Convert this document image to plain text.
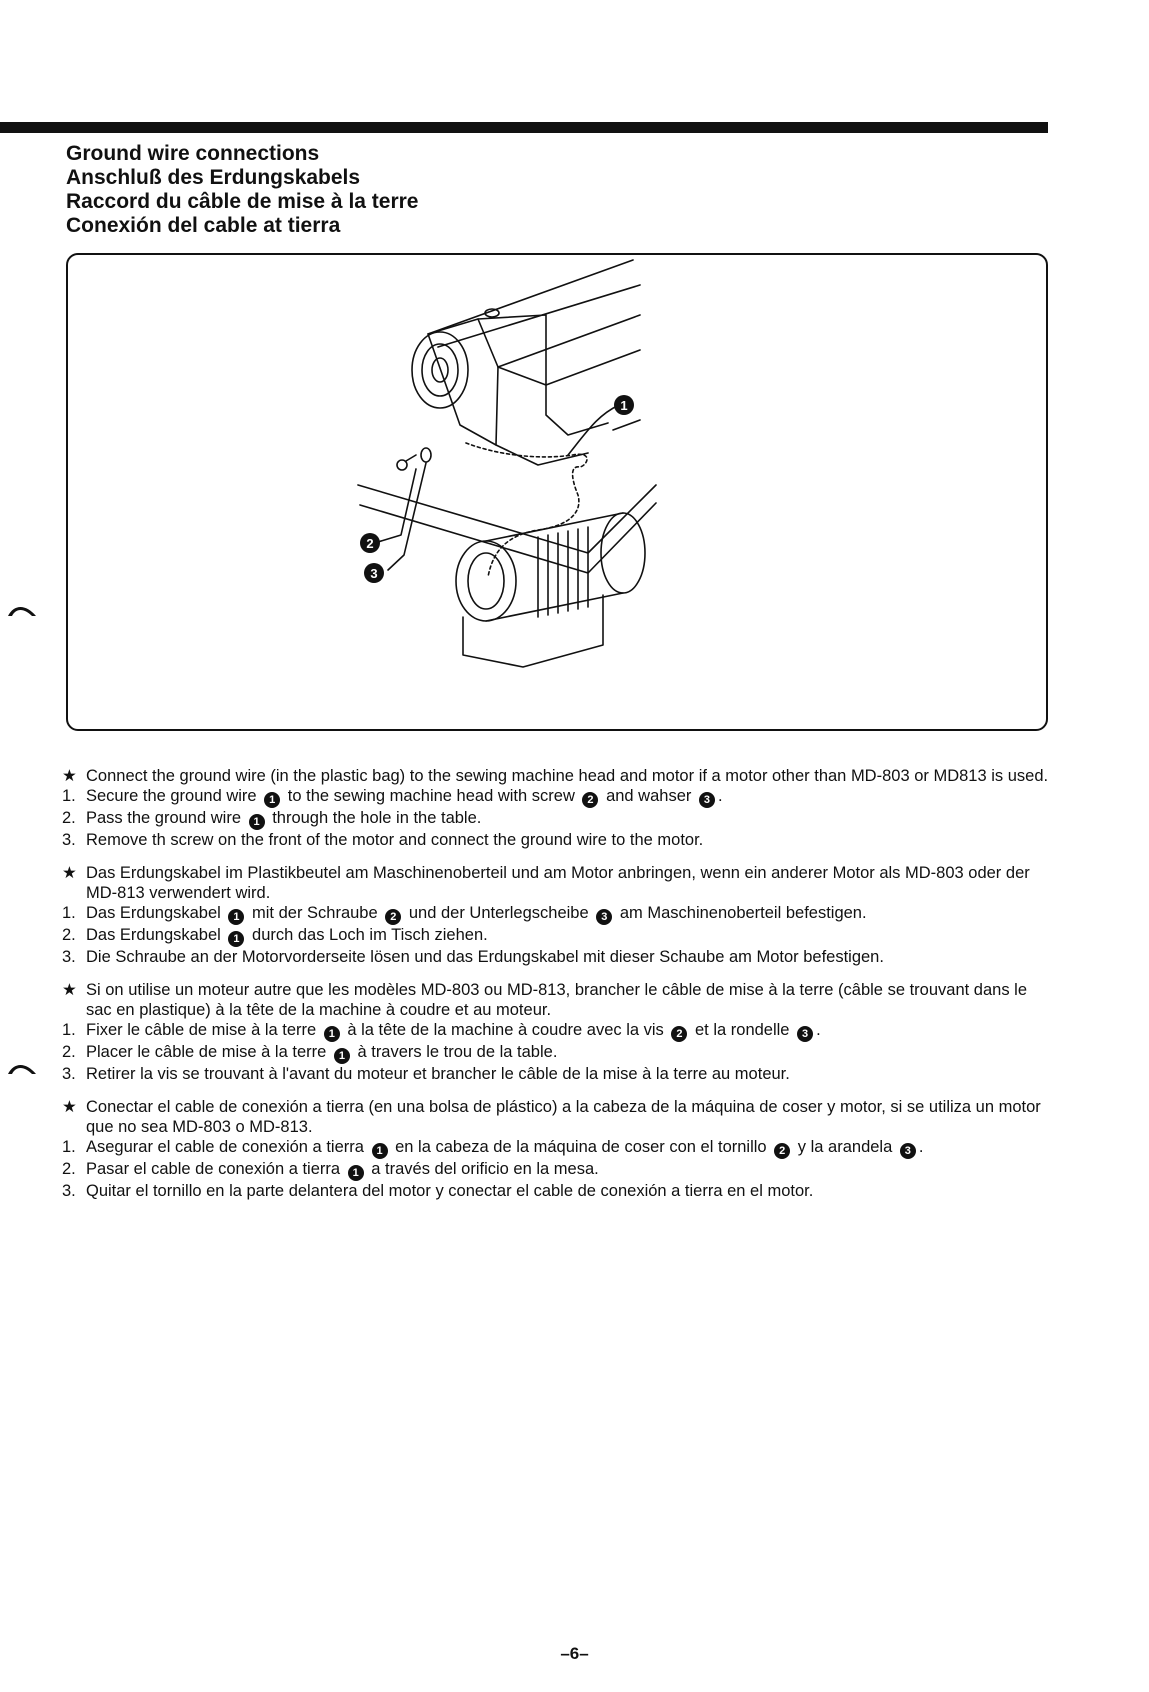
Ground wire connections
Anschluß des Erdungskabels
Raccord du câble de mise à la terre
Conexión del cable at tierra
1
2
3
★ Connect the ground wire (in the plastic bag) to the sewing machine head and motor if a motor other than MD-803 or MD813 is used.
1. Secure the ground wire 1 to the sewing machine head with screw 2 and wahser 3 .
2. Pass the ground wire 1 through the hole in the table.
3. Remove th screw on the front of the motor and connect the ground wire to the motor.
★ Das Erdungskabel im Plastikbeutel am Maschinenoberteil und am Motor anbringen, wenn ein anderer Motor als MD-803 oder der MD-813 verwendert wird.
1. Das Erdungskabel 1 mit der Schraube 2 und der Unterlegscheibe 3 am Maschinenoberteil befestigen.
2. Das Erdungskabel 1 durch das Loch im Tisch ziehen.
3. Die Schraube an der Motorvorderseite lösen und das Erdungskabel mit dieser Schaube am Motor befestigen.
★ Si on utilise un moteur autre que les modèles MD-803 ou MD-813, brancher le câble de mise à la terre (câble se trouvant dans le sac en plastique) à la tête de la machine à coudre et au moteur.
1. Fixer le câble de mise à la terre 1 à la tête de la machine à coudre avec la vis 2 et la rondelle 3 .
2. Placer le câble de mise à la terre 1 à travers le trou de la table.
3. Retirer la vis se trouvant à l'avant du moteur et brancher le câble de la mise à la terre au moteur.
★ Conectar el cable de conexión a tierra (en una bolsa de plástico) a la cabeza de la máquina de coser y motor, si se utiliza un motor que no sea MD-803 o MD-813.
1. Asegurar el cable de conexión a tierra 1 en la cabeza de la máquina de coser con el tornillo 2 y la arandela 3 .
2. Pasar el cable de conexión a tierra 1 a través del orificio en la mesa.
3. Quitar el tornillo en la parte delantera del motor y conectar el cable de conexión a tierra en el motor.
–6–
